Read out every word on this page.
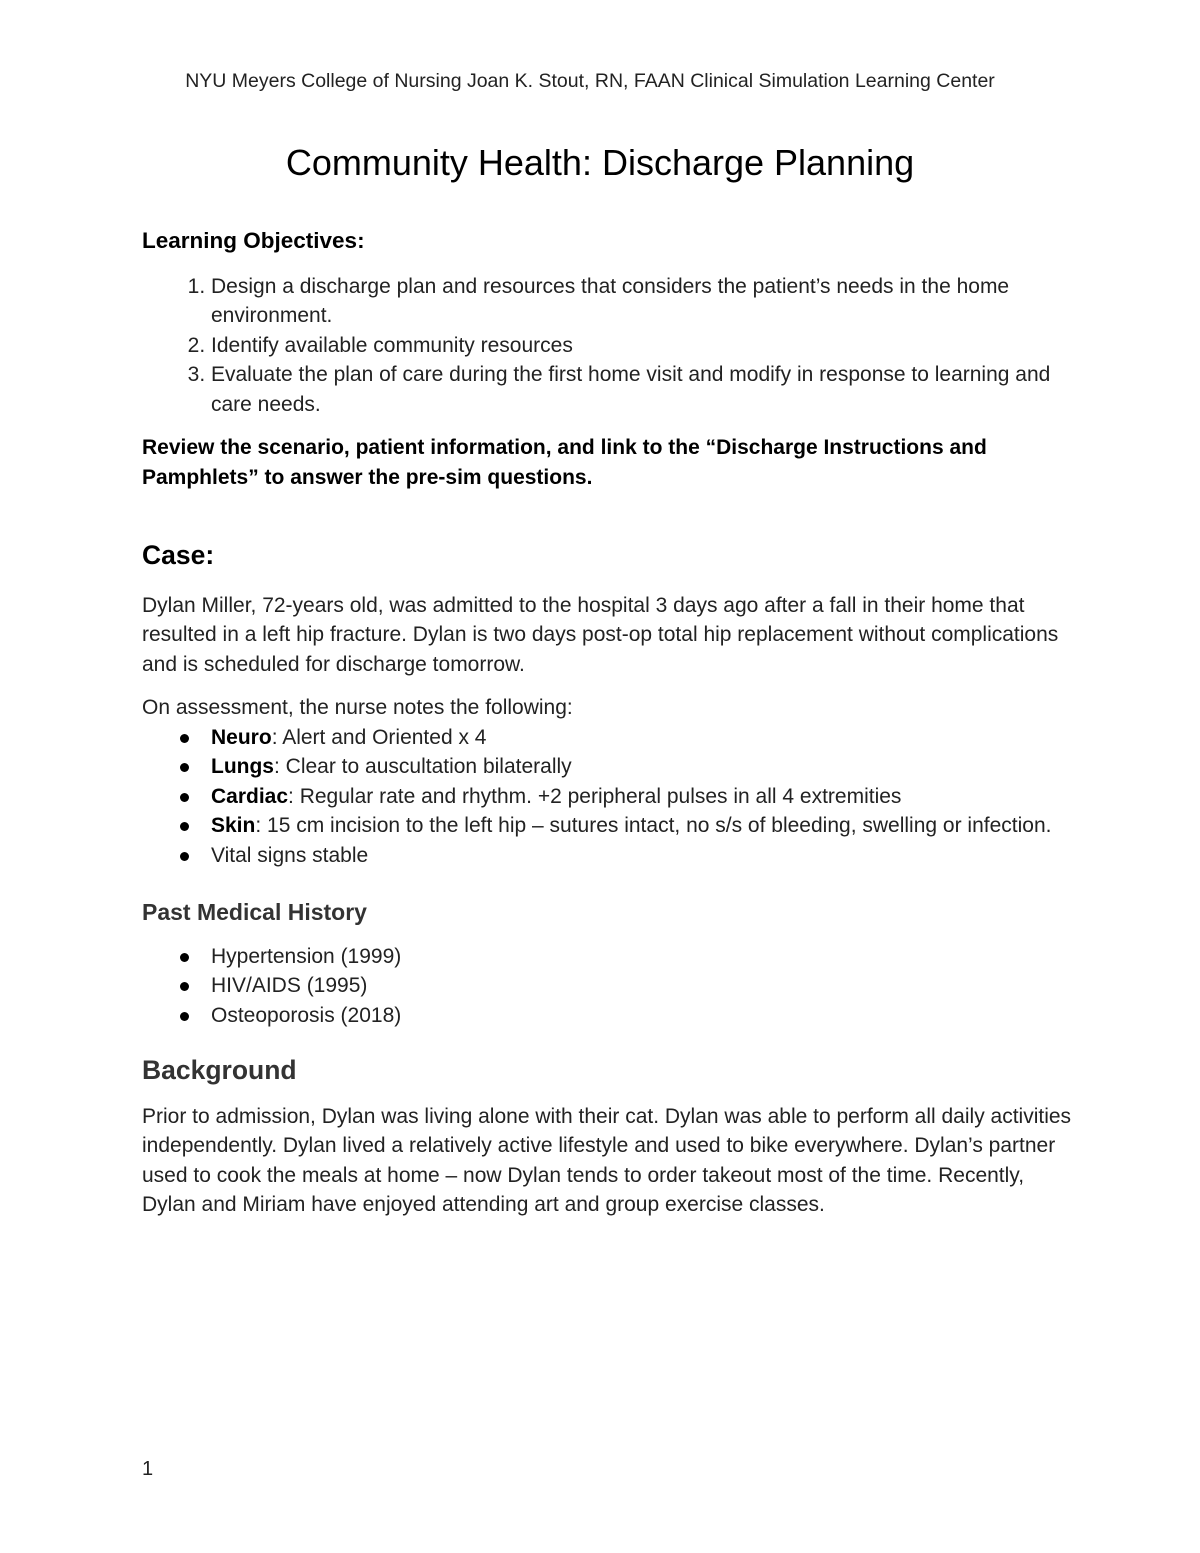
NYU Meyers College of Nursing Joan K. Stout, RN, FAAN Clinical Simulation Learning Center
Community Health: Discharge Planning
Learning Objectives:
1. Design a discharge plan and resources that considers the patient’s needs in the home environment.
2. Identify available community resources
3. Evaluate the plan of care during the first home visit and modify in response to learning and care needs.

Review the scenario, patient information, and link to the “Discharge Instructions and Pamphlets” to answer the pre-sim questions.

Case:

Dylan Miller, 72-years old, was admitted to the hospital 3 days ago after a fall in their home that resulted in a left hip fracture. Dylan is two days post-op total hip replacement without complications and is scheduled for discharge tomorrow.

On assessment, the nurse notes the following:

Neuro: Alert and Oriented x 4
Lungs: Clear to auscultation bilaterally
Cardiac: Regular rate and rhythm. +2 peripheral pulses in all 4 extremities
Skin: 15 cm incision to the left hip – sutures intact, no s/s of bleeding, swelling or infection.
Vital signs stable
Past Medical History
Hypertension (1999)
HIV/AIDS (1995)
Osteoporosis (2018)
Background

Prior to admission, Dylan was living alone with their cat. Dylan was able to perform all daily activities independently. Dylan lived a relatively active lifestyle and used to bike everywhere. Dylan’s partner used to cook the meals at home – now Dylan tends to order takeout most of the time. Recently, Dylan and Miriam have enjoyed attending art and group exercise classes.

1
